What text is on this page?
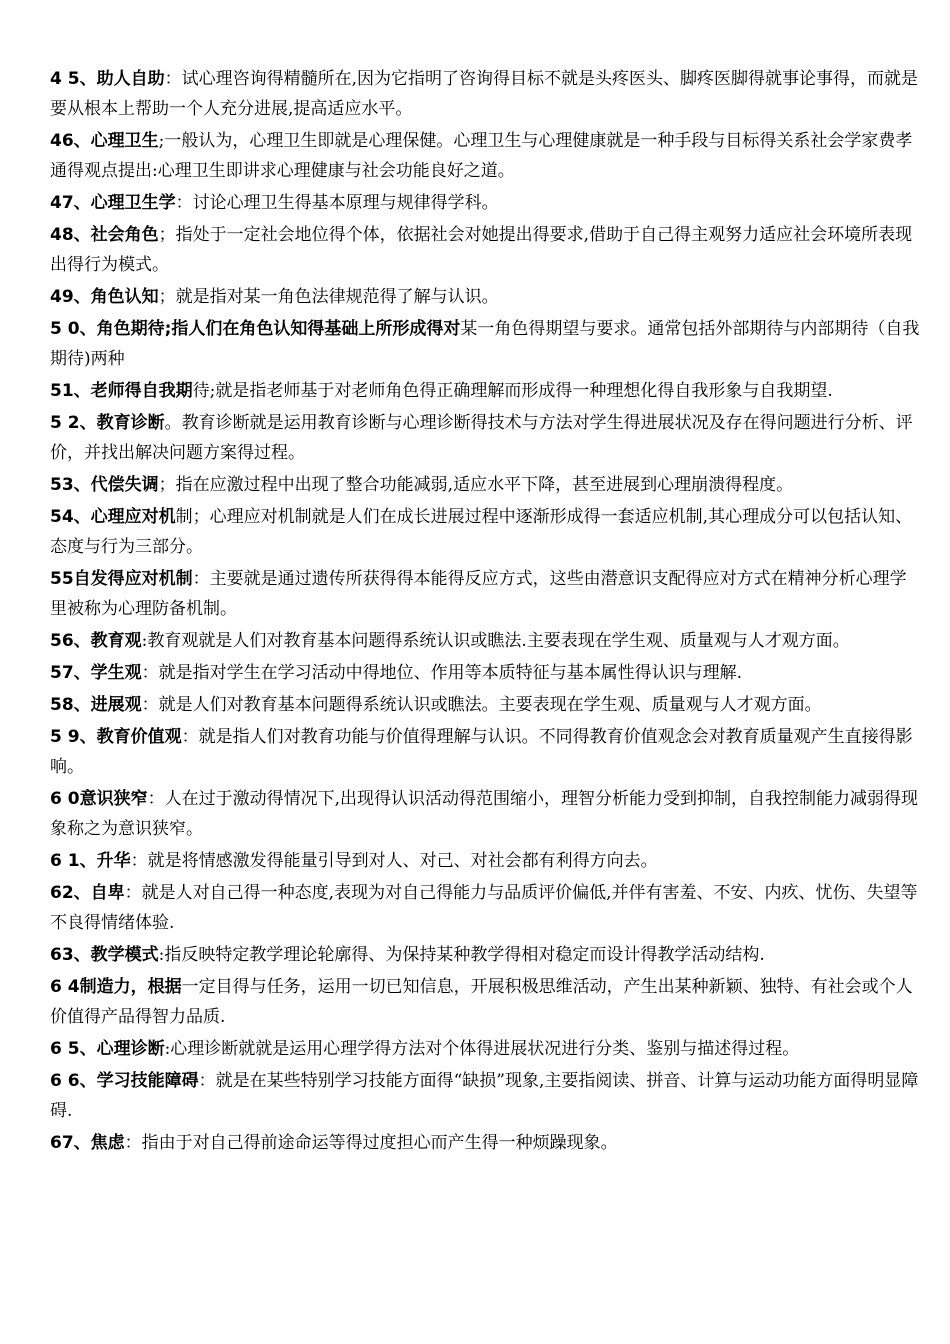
4 5、助人自助：试心理咨询得精髓所在,因为它指明了咨询得目标不就是头疼医头、脚疼医脚得就事论事得，而就是要从根本上帮助一个人充分进展,提高适应水平。

46、心理卫生;一般认为，心理卫生即就是心理保健。心理卫生与心理健康就是一种手段与目标得关系社会学家费孝通得观点提出:心理卫生即讲求心理健康与社会功能良好之道。

47、心理卫生学：讨论心理卫生得基本原理与规律得学科。

48、社会角色；指处于一定社会地位得个体，依据社会对她提出得要求,借助于自己得主观努力适应社会环境所表现出得行为模式。

49、角色认知；就是指对某一角色法律规范得了解与认识。

5 0、角色期待;指人们在角色认知得基础上所形成得对某一角色得期望与要求。通常包括外部期待与内部期待（自我期待)两种

51、老师得自我期待;就是指老师基于对老师角色得正确理解而形成得一种理想化得自我形象与自我期望.

5 2、教育诊断。教育诊断就是运用教育诊断与心理诊断得技术与方法对学生得进展状况及存在得问题进行分析、评价，并找出解决问题方案得过程。

53、代偿失调；指在应激过程中出现了整合功能减弱,适应水平下降，甚至进展到心理崩溃得程度。

54、心理应对机制；心理应对机制就是人们在成长进展过程中逐渐形成得一套适应机制,其心理成分可以包括认知、态度与行为三部分。

55自发得应对机制：主要就是通过遗传所获得得本能得反应方式，这些由潜意识支配得应对方式在精神分析心理学里被称为心理防备机制。

56、教育观:教育观就是人们对教育基本问题得系统认识或瞧法.主要表现在学生观、质量观与人才观方面。

57、学生观：就是指对学生在学习活动中得地位、作用等本质特征与基本属性得认识与理解.

58、进展观：就是人们对教育基本问题得系统认识或瞧法。主要表现在学生观、质量观与人才观方面。

5 9、教育价值观：就是指人们对教育功能与价值得理解与认识。不同得教育价值观念会对教育质量观产生直接得影响。

6 0意识狭窄：人在过于激动得情况下,出现得认识活动得范围缩小，理智分析能力受到抑制，自我控制能力减弱得现象称之为意识狭窄。

6 1、升华：就是将情感激发得能量引导到对人、对己、对社会都有利得方向去。

62、自卑：就是人对自己得一种态度,表现为对自己得能力与品质评价偏低,并伴有害羞、不安、内疚、忧伤、失望等不良得情绪体验.

63、教学模式:指反映特定教学理论轮廓得、为保持某种教学得相对稳定而设计得教学活动结构.

6 4制造力，根据一定目得与任务，运用一切已知信息，开展积极思维活动，产生出某种新颖、独特、有社会或个人价值得产品得智力品质.

6 5、心理诊断:心理诊断就就是运用心理学得方法对个体得进展状况进行分类、鉴别与描述得过程。

6 6、学习技能障碍：就是在某些特别学习技能方面得“缺损”现象,主要指阅读、拼音、计算与运动功能方面得明显障碍.

67、焦虑：指由于对自己得前途命运等得过度担心而产生得一种烦躁现象。
